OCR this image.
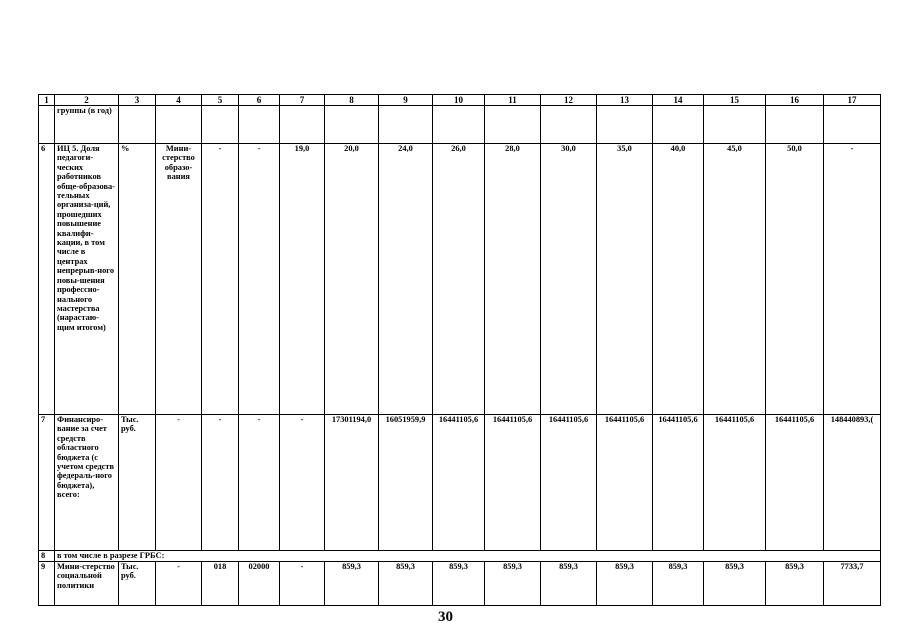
1	2	3	4	5	6	7	8	9	10	11	12	13	14	15	16	17
	группы (в год)															
6	ИЦ 5. Доля педагоги-ческих работников обще-образова-тельных организа-ций, прошедших повышение квалифи-кации, в том числе в центрах непрерыв-ного повы-шения профессио-нального мастерства (нарастаю-щим итогом)	%	Мини-стерство образо-вания	-	-	19,0	20,0	24,0	26,0	28,0	30,0	35,0	40,0	45,0	50,0	-
7	Финансиро-вание за счет средств областного бюджета (с учетом средств федераль-ного бюджета), всего:	Тыс. руб.	-	-	-	-	17301194,0	16051959,9	16441105,6	16441105,6	16441105,6	16441105,6	16441105,6	16441105,6	16441105,6	148440893,(
8	в том числе в разрезе ГРБС:															
9	Мини-стерство социальной политики	Тыс. руб.	-	018	02000	-	859,3	859,3	859,3	859,3	859,3	859,3	859,3	859,3	859,3	7733,7
30
